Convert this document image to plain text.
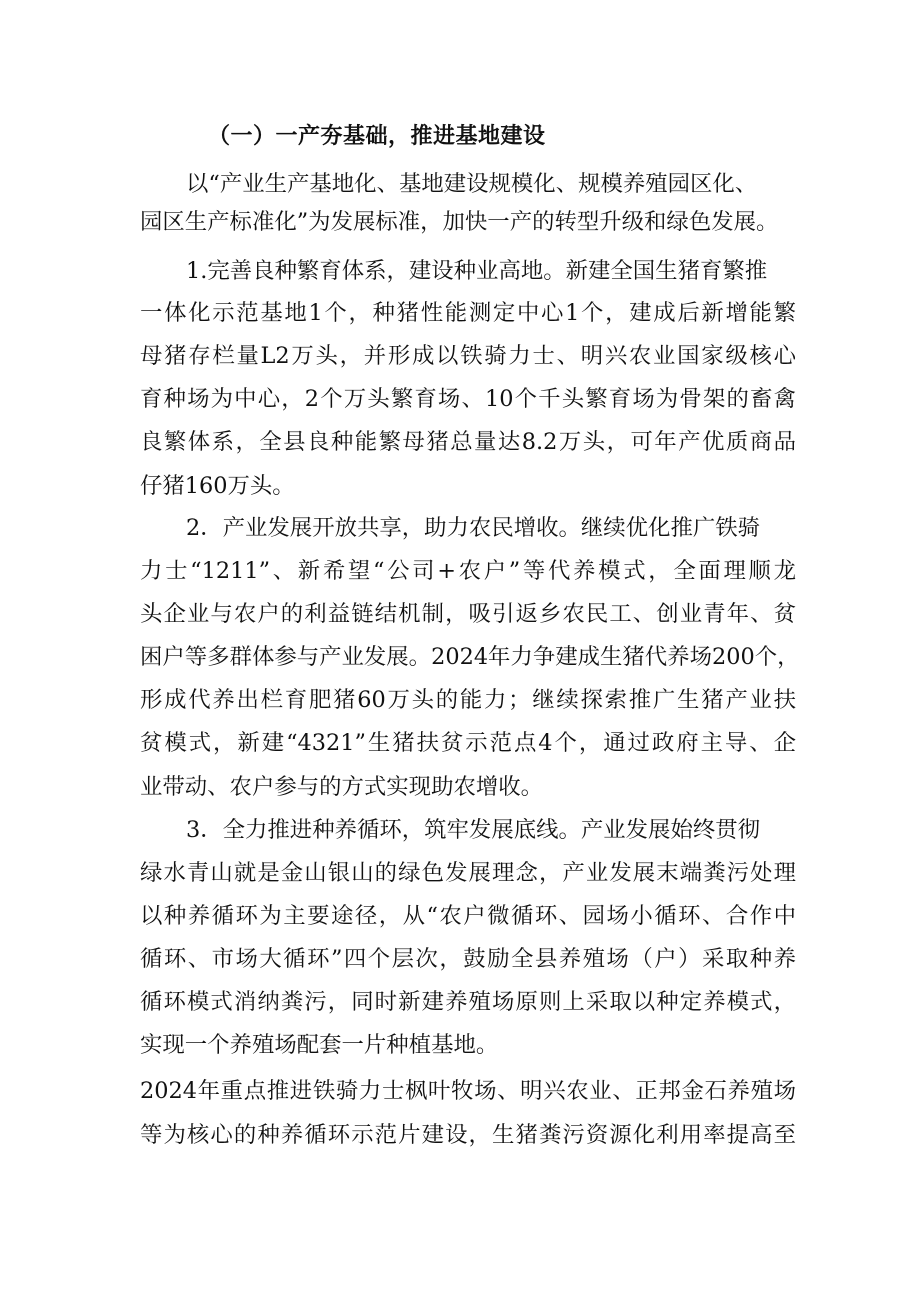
（一）一产夯基础，推进基地建设
以“产业生产基地化、基地建设规模化、规模养殖园区化、
园区生产标准化”为发展标准，加快一产的转型升级和绿色发展。
1.完善良种繁育体系，建设种业高地。新建全国生猪育繁推
一体化示范基地1个，种猪性能测定中心1个，建成后新增能繁
母猪存栏量L2万头，并形成以铁骑力士、明兴农业国家级核心
育种场为中心，2个万头繁育场、10个千头繁育场为骨架的畜禽
良繁体系，全县良种能繁母猪总量达8.2万头，可年产优质商品
仔猪160万头。
2．产业发展开放共享，助力农民增收。继续优化推广铁骑
力士“1211”、新希望“公司+农户”等代养模式，全面理顺龙
头企业与农户的利益链结机制，吸引返乡农民工、创业青年、贫
困户等多群体参与产业发展。2024年力争建成生猪代养场200个，
形成代养出栏育肥猪60万头的能力；继续探索推广生猪产业扶
贫模式，新建“4321”生猪扶贫示范点4个，通过政府主导、企
业带动、农户参与的方式实现助农增收。
3．全力推进种养循环，筑牢发展底线。产业发展始终贯彻
绿水青山就是金山银山的绿色发展理念，产业发展末端粪污处理
以种养循环为主要途径，从“农户微循环、园场小循环、合作中
循环、市场大循环”四个层次，鼓励全县养殖场（户）采取种养
循环模式消纳粪污，同时新建养殖场原则上采取以种定养模式，
实现一个养殖场配套一片种植基地。
2024年重点推进铁骑力士枫叶牧场、明兴农业、正邦金石养殖场
等为核心的种养循环示范片建设，生猪粪污资源化利用率提高至
